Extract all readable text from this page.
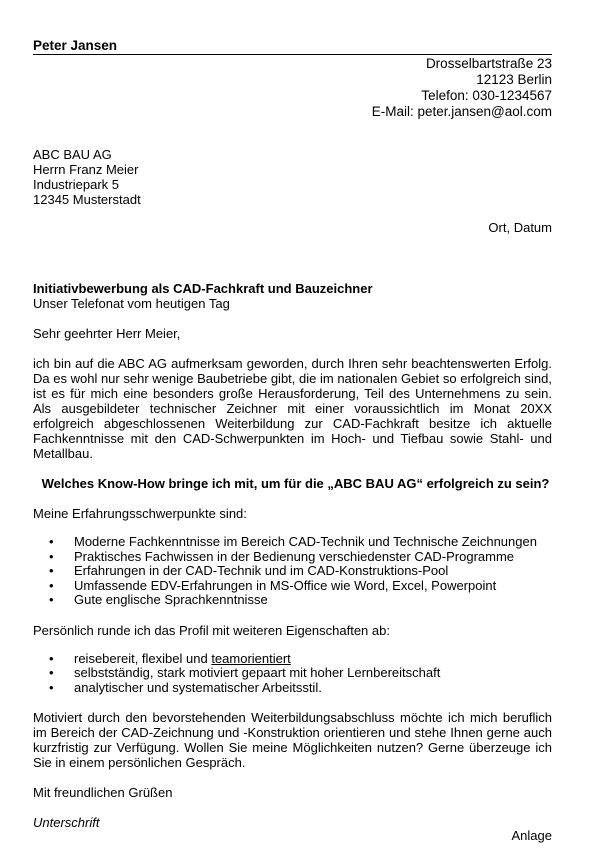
Peter Jansen
Drosselbartstraße 23
12123 Berlin
Telefon: 030-1234567
E-Mail: peter.jansen@aol.com
ABC BAU AG
Herrn Franz Meier
Industriepark 5
12345 Musterstadt
Ort, Datum
Initiativbewerbung als CAD-Fachkraft und Bauzeichner
Unser Telefonat vom heutigen Tag

Sehr geehrter Herr Meier,

ich bin auf die ABC AG aufmerksam geworden, durch Ihren sehr beachtenswerten Erfolg. Da es wohl nur sehr wenige Baubetriebe gibt, die im nationalen Gebiet so erfolgreich sind, ist es für mich eine besonders große Herausforderung, Teil des Unternehmens zu sein. Als ausgebildeter technischer Zeichner mit einer voraussichtlich im Monat 20XX erfolgreich abgeschlossenen Weiterbildung zur CAD-Fachkraft besitze ich aktuelle Fachkenntnisse mit den CAD-Schwerpunkten im Hoch- und Tiefbau sowie Stahl- und Metallbau.

Welches Know-How bringe ich mit, um für die „ABC BAU AG“ erfolgreich zu sein?

Meine Erfahrungsschwerpunkte sind:

• Moderne Fachkenntnisse im Bereich CAD-Technik und Technische Zeichnungen
• Praktisches Fachwissen in der Bedienung verschiedenster CAD-Programme
• Erfahrungen in der CAD-Technik und im CAD-Konstruktions-Pool
• Umfassende EDV-Erfahrungen in MS-Office wie Word, Excel, Powerpoint
• Gute englische Sprachkenntnisse

Persönlich runde ich das Profil mit weiteren Eigenschaften ab:

• reisebereit, flexibel und teamorientiert
• selbstständig, stark motiviert gepaart mit hoher Lernbereitschaft
• analytischer und systematischer Arbeitsstil.

Motiviert durch den bevorstehenden Weiterbildungsabschluss möchte ich mich beruflich im Bereich der CAD-Zeichnung und -Konstruktion orientieren und stehe Ihnen gerne auch kurzfristig zur Verfügung. Wollen Sie meine Möglichkeiten nutzen? Gerne überzeuge ich Sie in einem persönlichen Gespräch.

Mit freundlichen Grüßen

Unterschrift

Anlage
